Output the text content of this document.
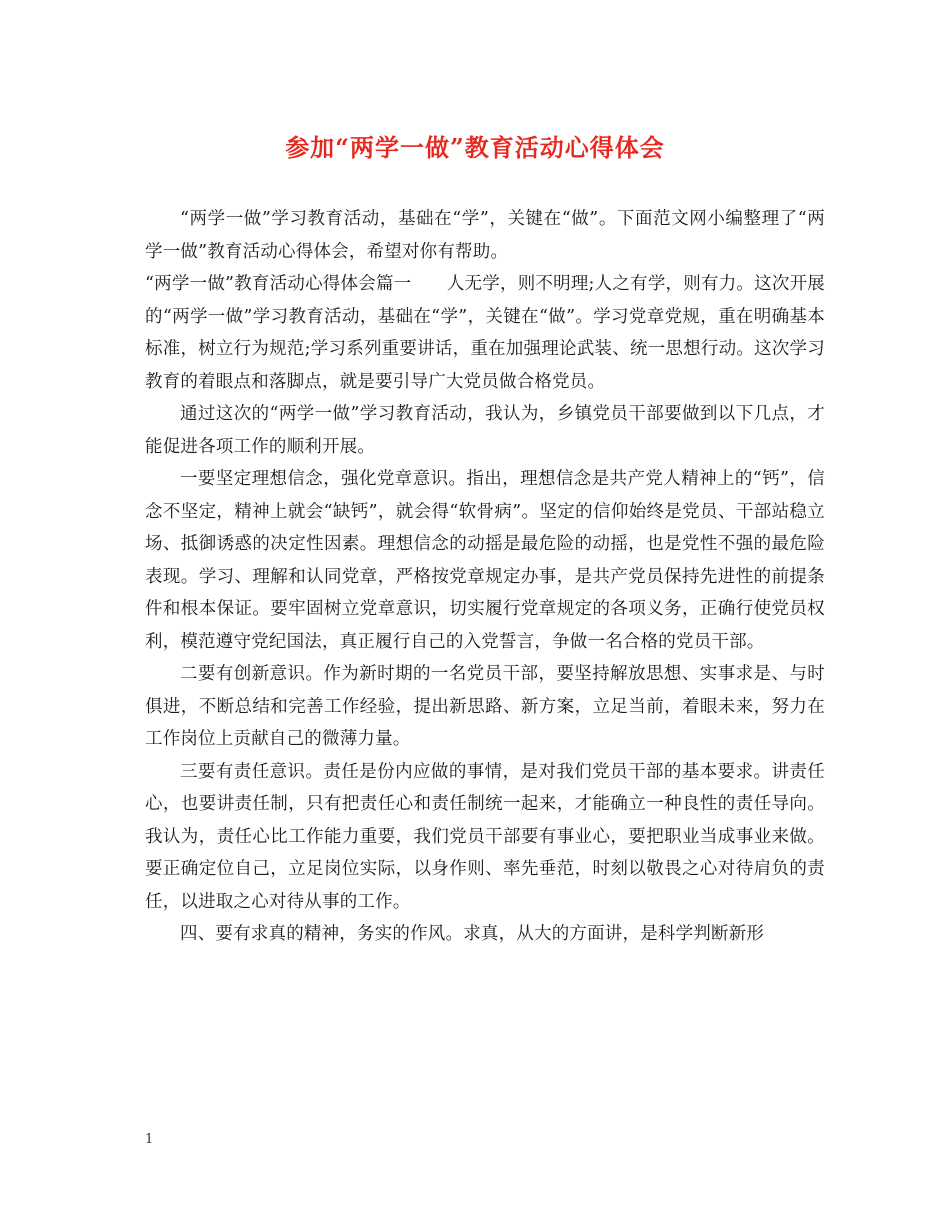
参加“两学一做”教育活动心得体会

“两学一做”学习教育活动，基础在“学”，关键在“做”。下面范文网小编整理了“两学一做”教育活动心得体会，希望对你有帮助。

“两学一做”教育活动心得体会篇一　　人无学，则不明理;人之有学，则有力。这次开展的“两学一做”学习教育活动，基础在“学”，关键在“做”。学习党章党规，重在明确基本标准，树立行为规范;学习系列重要讲话，重在加强理论武装、统一思想行动。这次学习教育的着眼点和落脚点，就是要引导广大党员做合格党员。

通过这次的“两学一做”学习教育活动，我认为，乡镇党员干部要做到以下几点，才能促进各项工作的顺利开展。

一要坚定理想信念，强化党章意识。指出，理想信念是共产党人精神上的“钙”，信念不坚定，精神上就会“缺钙”，就会得“软骨病”。坚定的信仰始终是党员、干部站稳立场、抵御诱惑的决定性因素。理想信念的动摇是最危险的动摇，也是党性不强的最危险表现。学习、理解和认同党章，严格按党章规定办事，是共产党员保持先进性的前提条件和根本保证。要牢固树立党章意识，切实履行党章规定的各项义务，正确行使党员权利，模范遵守党纪国法，真正履行自己的入党誓言，争做一名合格的党员干部。

二要有创新意识。作为新时期的一名党员干部，要坚持解放思想、实事求是、与时俱进，不断总结和完善工作经验，提出新思路、新方案，立足当前，着眼未来，努力在工作岗位上贡献自己的微薄力量。

三要有责任意识。责任是份内应做的事情，是对我们党员干部的基本要求。讲责任心，也要讲责任制，只有把责任心和责任制统一起来，才能确立一种良性的责任导向。我认为，责任心比工作能力重要，我们党员干部要有事业心，要把职业当成事业来做。要正确定位自己，立足岗位实际，以身作则、率先垂范，时刻以敬畏之心对待肩负的责任，以进取之心对待从事的工作。

四、要有求真的精神，务实的作风。求真，从大的方面讲，是科学判断新形

1
